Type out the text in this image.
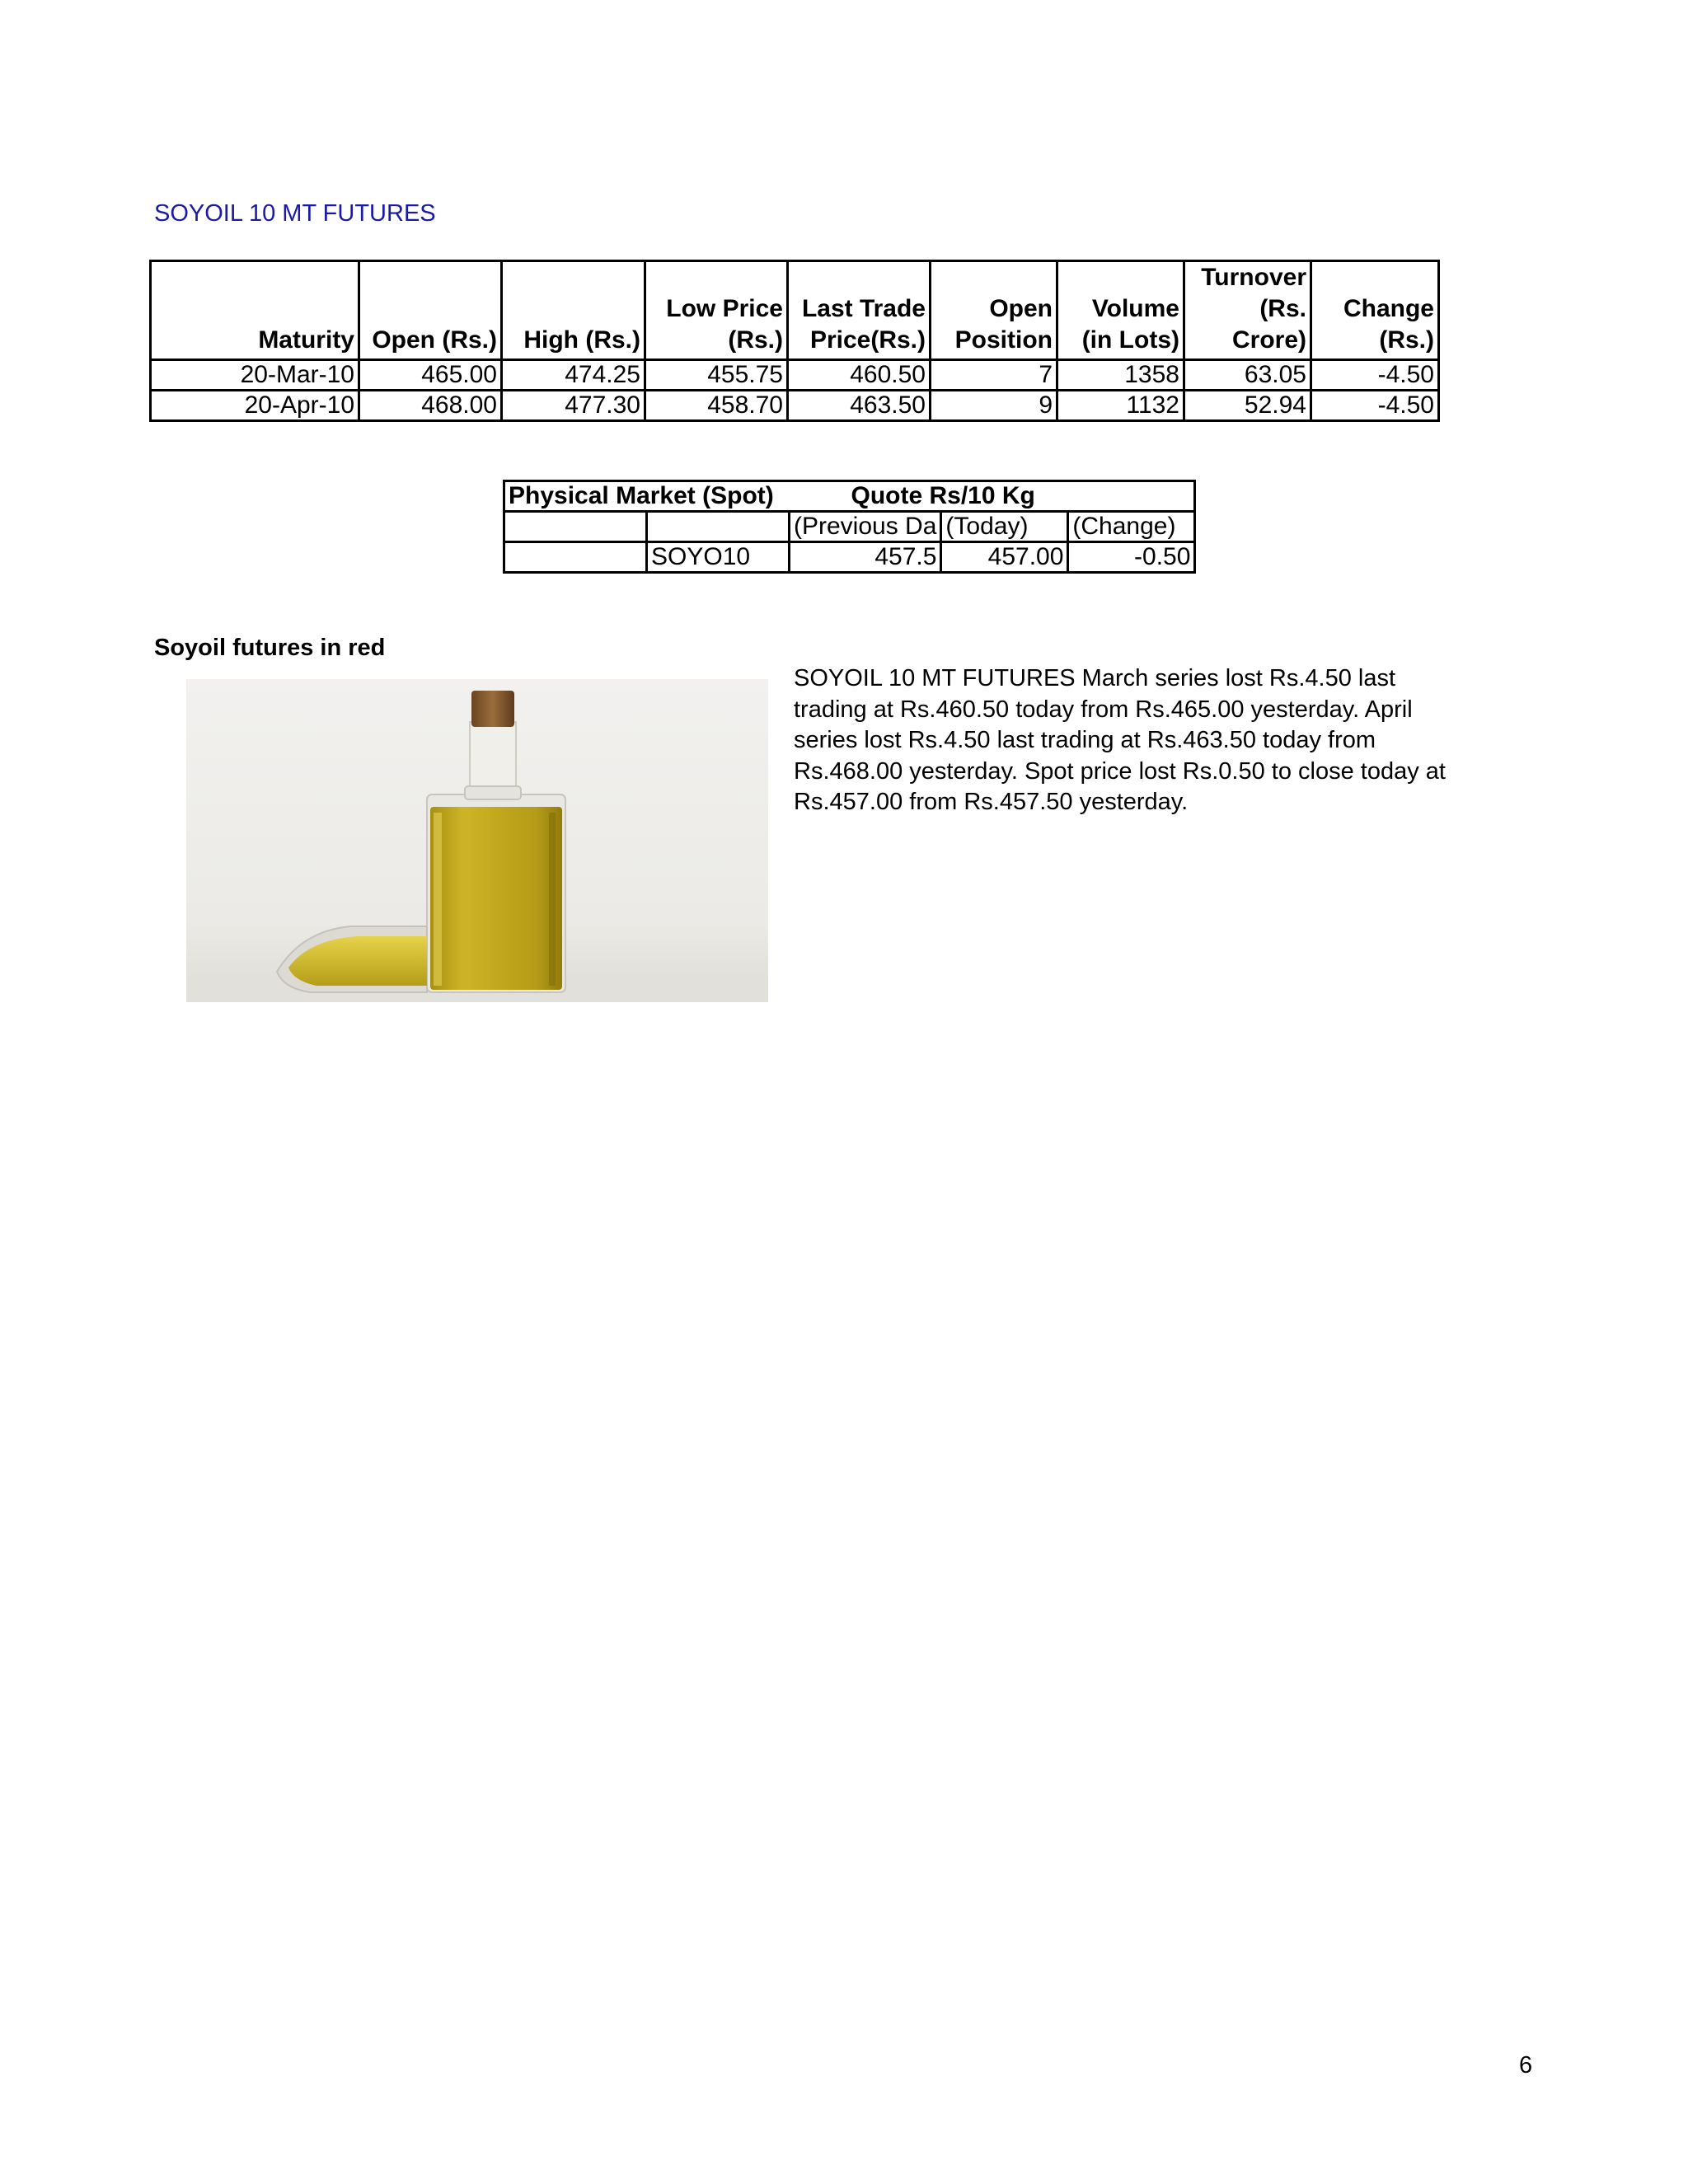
SOYOIL 10 MT FUTURES
Maturity	Open (Rs.)	High (Rs.)	Low Price (Rs.)	Last Trade Price(Rs.)	Open Position	Volume (in Lots)	Turnover (Rs. Crore)	Change (Rs.)
20-Mar-10	465.00	474.25	455.75	460.50	7	1358	63.05	-4.50
20-Apr-10	468.00	477.30	458.70	463.50	9	1132	52.94	-4.50
Physical Market (Spot)		Quote Rs/10 Kg		
		(Previous Da	(Today)	(Change)
	SOYO10	457.5	457.00	-0.50
Soyoil futures in red
SOYOIL 10 MT FUTURES March series lost Rs.4.50 last trading at Rs.460.50 today from Rs.465.00 yesterday. April series lost Rs.4.50 last trading at Rs.463.50 today from Rs.468.00 yesterday. Spot price lost Rs.0.50 to close today at Rs.457.00 from Rs.457.50 yesterday.
6
